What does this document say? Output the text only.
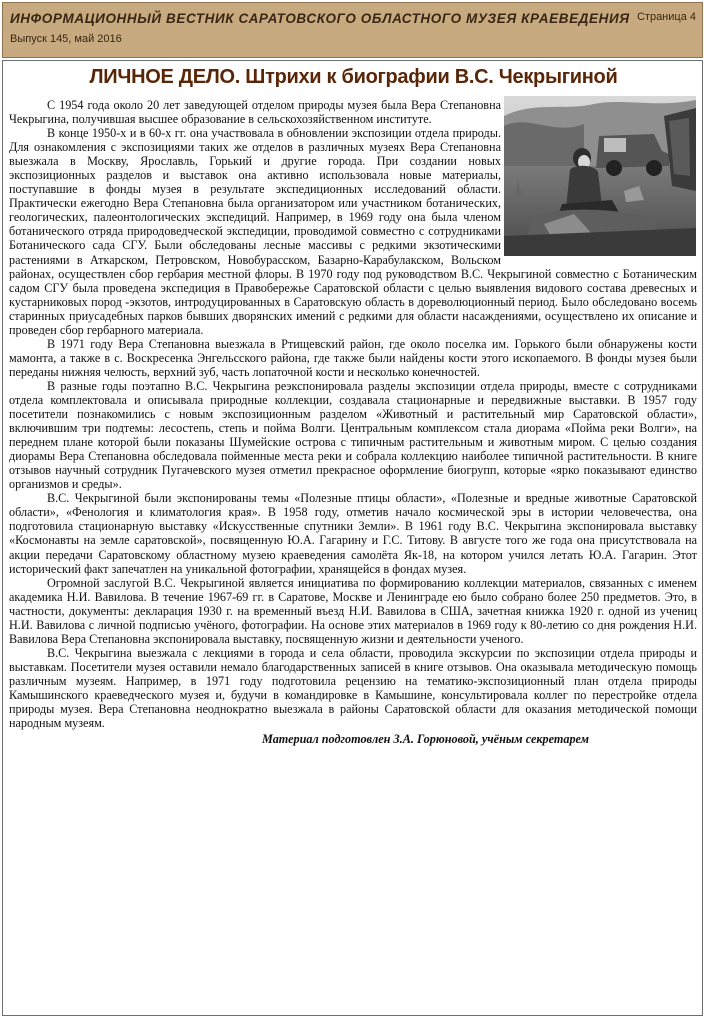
ИНФОРМАЦИОННЫЙ ВЕСТНИК САРАТОВСКОГО ОБЛАСТНОГО МУЗЕЯ КРАЕВЕДЕНИЯ
Выпуск 145, май 2016
Страница 4
ЛИЧНОЕ ДЕЛО. Штрихи к биографии В.С. Чекрыгиной

С 1954 года около 20 лет заведующей отделом природы музея была Вера Степановна Чекрыгина, получившая высшее образование в сельскохозяйственном институте.

В конце 1950-х и в 60-х гг. она участвовала в обновлении экспозиции отдела природы. Для ознакомления с экспозициями таких же отделов в различных музеях Вера Степановна выезжала в Москву, Ярославль, Горький и другие города. При создании новых экспозиционных разделов и выставок она активно использовала новые материалы, поступавшие в фонды музея в результате экспедиционных исследований области. Практически ежегодно Вера Степановна была организатором или участником ботанических, геологических, палеонтологических экспедиций. Например, в 1969 году она была членом ботанического отряда природоведческой экспедиции, проводимой совместно с сотрудниками Ботанического сада СГУ. Были обследованы лесные массивы с редкими экзотическими растениями в Аткарском, Петровском, Новобурасском, Базарно-Карабулакском, Вольском районах, осуществлен сбор гербария местной флоры. В 1970 году под руководством В.С. Чекрыгиной совместно с Ботаническим садом СГУ была проведена экспедиция в Правобережье Саратовской области с целью выявления видового состава древесных и кустарниковых пород -экзотов, интродуцированных в Саратовскую область в дореволюционный период. Было обследовано восемь старинных приусадебных парков бывших дворянских имений с редкими для области насаждениями, осуществлено их описание и проведен сбор гербарного материала.

В 1971 году Вера Степановна выезжала в Ртищевский район, где около поселка им. Горького были обнаружены кости мамонта, а также в с. Воскресенка Энгельсского района, где также были найдены кости этого ископаемого. В фонды музея были переданы нижняя челюсть, верхний зуб, часть лопаточной кости и несколько конечностей.

В разные годы поэтапно В.С. Чекрыгина реэкспонировала разделы экспозиции отдела природы, вместе с сотрудниками отдела комплектовала и описывала природные коллекции, создавала стационарные и передвижные выставки. В 1957 году посетители познакомились с новым экспозиционным разделом «Животный и растительный мир Саратовской области», включившим три подтемы: лесостепь, степь и поймa Волги. Центральным комплексом стала диорама «Пойма реки Волги», на переднем плане которой были показаны Шумейские острова с типичным растительным и животным миром. С целью создания диорамы Вера Степановна обследовала пойменные места реки и собрала коллекцию наиболее типичной растительности. В книге отзывов научный сотрудник Пугачевского музея отметил прекрасное оформление биогрупп, которые «ярко показывают единство организмов и среды».

В.С. Чекрыгиной были экспонированы темы «Полезные птицы области», «Полезные и вредные животные Саратовской области», «Фенология и климатология края». В 1958 году, отметив начало космической эры в истории человечества, она подготовила стационарную выставку «Искусственные спутники Земли». В 1961 году В.С. Чекрыгина экспонировала выставку «Космонавты на земле саратовской», посвященную Ю.А. Гагарину и Г.С. Титову. В августе того же года она присутствовала на акции передачи Саратовскому областному музею краеведения самолёта Як-18, на котором учился летать Ю.А. Гагарин. Этот исторический факт запечатлен на уникальной фотографии, хранящейся в фондах музея.

Огромной заслугой В.С. Чекрыгиной является инициатива по формированию коллекции материалов, связанных с именем академика Н.И. Вавилова. В течение 1967-69 гг. в Саратове, Москве и Ленинграде ею было собрано более 250 предметов. Это, в частности, документы: декларация 1930 г. на временный въезд Н.И. Вавилова в США, зачетная книжка 1920 г. одной из учениц Н.И. Вавилова с личной подписью учёного, фотографии. На основе этих материалов в 1969 году к 80-летию со дня рождения Н.И. Вавилова Вера Степановна экспонировала выставку, посвященную жизни и деятельности ученого.

В.С. Чекрыгина выезжала с лекциями в города и села области, проводила экскурсии по экспозиции отдела природы и выставкам. Посетители музея оставили немало благодарственных записей в книге отзывов. Она оказывала методическую помощь различным музеям. Например, в 1971 году подготовила рецензию на тематико-экспозиционный план отдела природы Камышинского краеведческого музея и, будучи в командировке в Камышине, консультировала коллег по перестройке отдела природы музея. Вера Степановна неоднократно выезжала в районы Саратовской области для оказания методической помощи народным музеям.

Материал подготовлен З.А. Горюновой, учёным секретарем
